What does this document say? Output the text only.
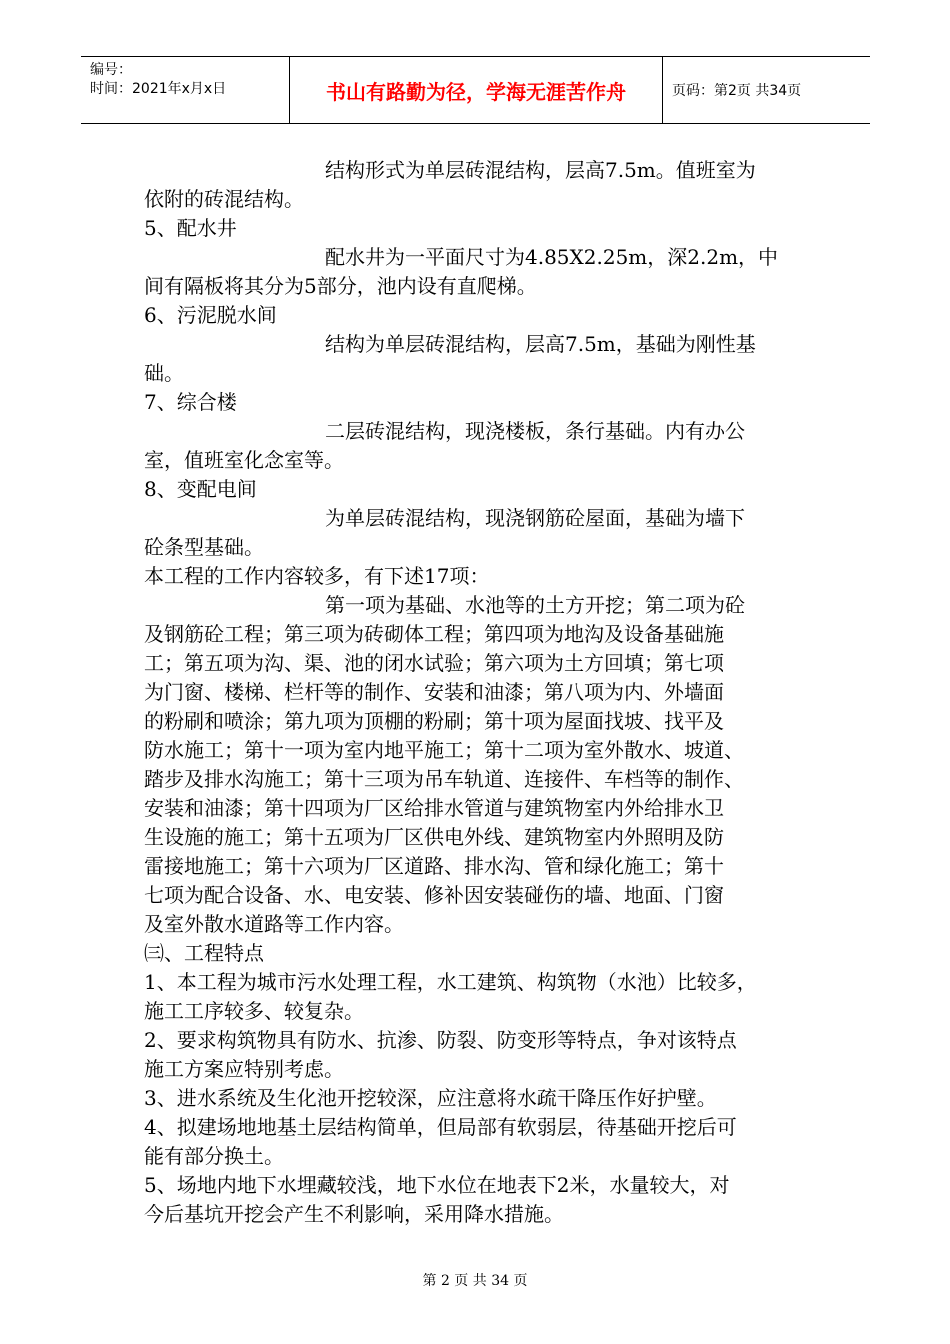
编号：
时间：2021年x月x日	书山有路勤为径，学海无涯苦作舟	页码：第2页 共34页

结构形式为单层砖混结构，层高7.5m。值班室为

依附的砖混结构。

5、配水井

配水井为一平面尺寸为4.85X2.25m，深2.2m，中

间有隔板将其分为5部分，池内设有直爬梯。

6、污泥脱水间

结构为单层砖混结构，层高7.5m，基础为刚性基

础。

7、综合楼

二层砖混结构，现浇楼板，条行基础。内有办公

室，值班室化念室等。

8、变配电间

为单层砖混结构，现浇钢筋砼屋面，基础为墙下

砼条型基础。

本工程的工作内容较多，有下述17项：

第一项为基础、水池等的土方开挖；第二项为砼

及钢筋砼工程；第三项为砖砌体工程；第四项为地沟及设备基础施

工；第五项为沟、渠、池的闭水试验；第六项为土方回填；第七项

为门窗、楼梯、栏杆等的制作、安装和油漆；第八项为内、外墙面

的粉刷和喷涂；第九项为顶棚的粉刷；第十项为屋面找坡、找平及

防水施工；第十一项为室内地平施工；第十二项为室外散水、坡道、

踏步及排水沟施工；第十三项为吊车轨道、连接件、车档等的制作、

安装和油漆；第十四项为厂区给排水管道与建筑物室内外给排水卫

生设施的施工；第十五项为厂区供电外线、建筑物室内外照明及防

雷接地施工；第十六项为厂区道路、排水沟、管和绿化施工；第十

七项为配合设备、水、电安装、修补因安装碰伤的墙、地面、门窗

及室外散水道路等工作内容。

㈢、工程特点

1、本工程为城市污水处理工程，水工建筑、构筑物（水池）比较多，

施工工序较多、较复杂。

2、要求构筑物具有防水、抗渗、防裂、防变形等特点，争对该特点

施工方案应特别考虑。

3、进水系统及生化池开挖较深，应注意将水疏干降压作好护壁。

4、拟建场地地基土层结构简单，但局部有软弱层，待基础开挖后可

能有部分换土。

5、场地内地下水埋藏较浅，地下水位在地表下2米，水量较大，对

今后基坑开挖会产生不利影响，采用降水措施。

第 2 页 共 34 页
